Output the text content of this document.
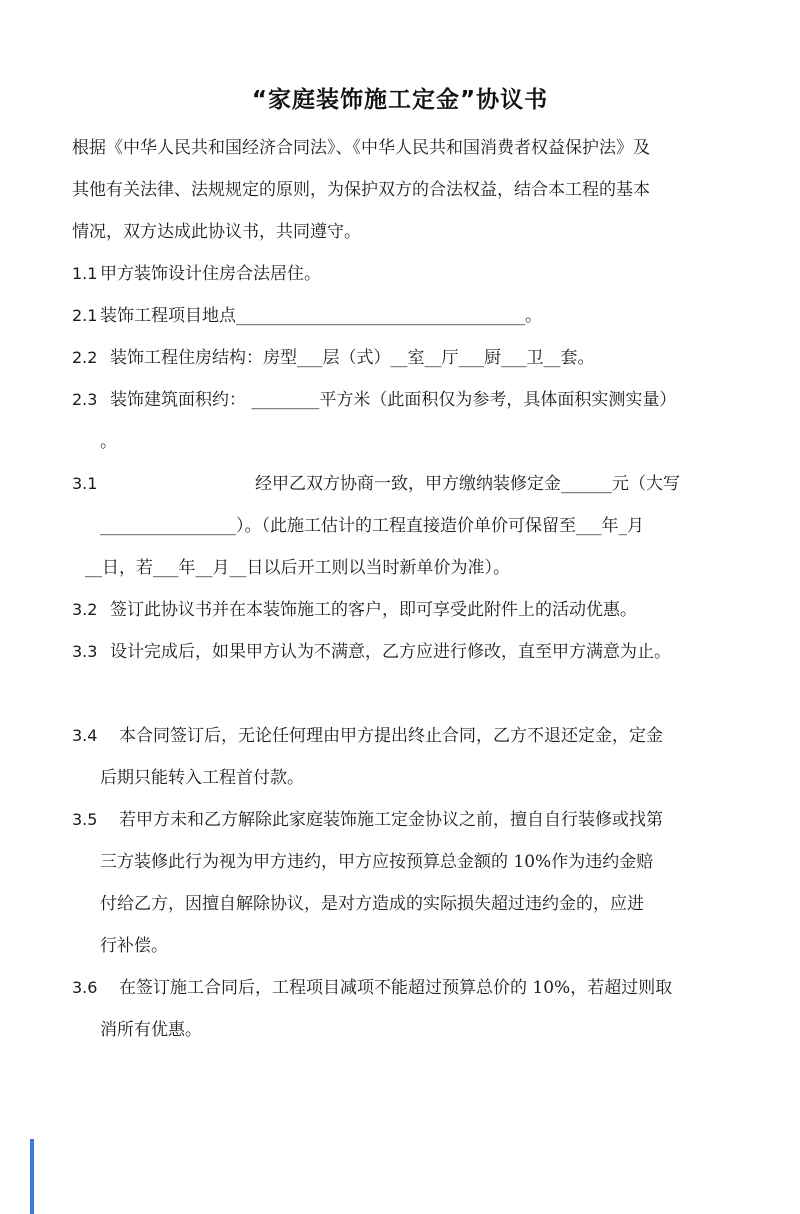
“家庭装饰施工定金”协议书
根据《中华人民共和国经济合同法》、《中华人民共和国消费者权益保护法》及
其他有关法律、法规规定的原则，为保护双方的合法权益，结合本工程的基本
情况，双方达成此协议书，共同遵守。
1.1 甲方装饰设计住房合法居住。
2.1 装饰工程项目地点__________________________________。
2.2 装饰工程住房结构：房型___层（式）__室__厅___厨___卫__套。
2.3 装饰建筑面积约： ________平方米（此面积仅为参考，具体面积实测实量）
。
3.1	经甲乙双方协商一致，甲方缴纳装修定金______元（大写
________________）。（此施工估计的工程直接造价单价可保留至___年_月
__日，若___年__月__日以后开工则以当时新单价为准）。
3.2 签订此协议书并在本装饰施工的客户，即可享受此附件上的活动优惠。
3.3 设计完成后，如果甲方认为不满意，乙方应进行修改，直至甲方满意为止。
3.4 本合同签订后，无论任何理由甲方提出终止合同，乙方不退还定金，定金
后期只能转入工程首付款。
3.5 若甲方未和乙方解除此家庭装饰施工定金协议之前，擅自自行装修或找第
三方装修此行为视为甲方违约，甲方应按预算总金额的 10%作为违约金赔
付给乙方，因擅自解除协议，是对方造成的实际损失超过违约金的，应进
行补偿。
3.6 在签订施工合同后，工程项目减项不能超过预算总价的 10%，若超过则取
消所有优惠。
